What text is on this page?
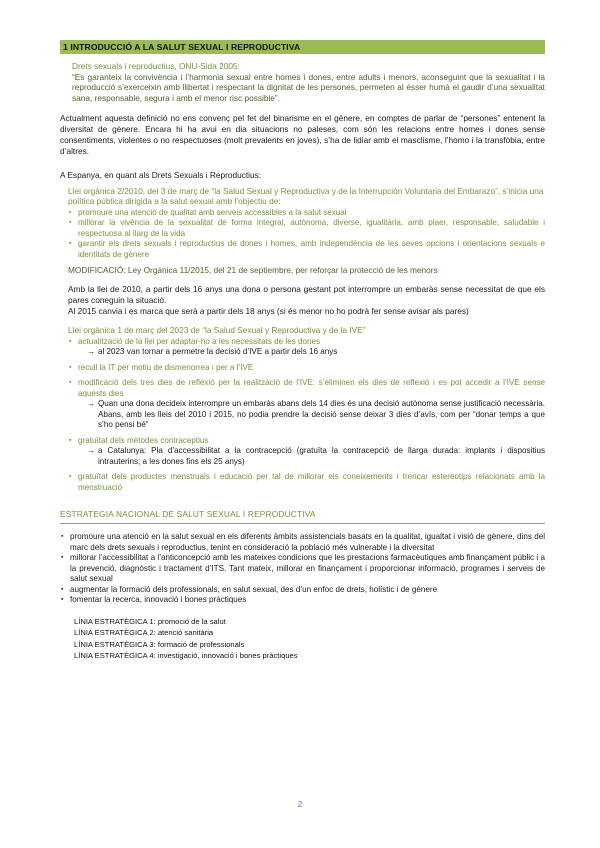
1 INTRODUCCIÓ A LA SALUT SEXUAL I REPRODUCTIVA
Drets sexuals i reproductius, ONU-Sida 2005:
“Es garanteix la convivència i l’harmonia sexual entre homes i dones, entre adults i menors, aconseguint que la sexualitat i la reproducció s’exerceixin amb llibertat i respectant la dignitat de les persones, permeten al ésser humà el gaudir d’una sexualitat sana, responsable, segura i amb el menor risc possible”.

Actualment aquesta definició no ens convenç pel fet del binarisme en el gènere, en comptes de parlar de “persones” entenent la diversitat de gènere. Encara hi ha avui en dia situacions no paleses, com són les relacions entre homes i dones sense consentiments, violentes o no respectuoses (molt prevalents en joves), s’ha de lidiar amb el masclisme, l’homo i la transfòbia, entre d’altres.

A Espanya, en quant als Drets Sexuals i Reproductius:

Llei orgànica 2/2010, del 3 de març de “la Salud Sexual y Reproductiva y de la Interrupción Voluntaria del Embarazo”, s’inicia una política pública dirigida a la salut sexual amb l’objectiu de:
▪ promoure una atenció de qualitat amb serveis accessibles a la salut sexual
▪ millorar la vivència de la sexualitat de forma integral, autònoma, diverse, igualitària, amb plaer, responsable, saludable i respectuosa al llarg de la vida
▪ garantir els drets sexuals i reproductius de dones i homes, amb independència de les seves opcions i orientacions sexuals e identitats de gènere
MODIFICACIÓ: Ley Orgánica 11/2015, del 21 de septiembre, per reforçar la protecció de les menors

Amb la llei de 2010, a partir dels 16 anys una dona o persona gestant pot interrompre un embaràs sense necessitat de que els pares coneguin la situació.

Al 2015 canvia i es marca que serà a partir dels 18 anys (si és menor no ho podrà fer sense avisar als pares)

Llei orgànica 1 de març del 2023 de “la Salud Sexual y Reproductiva y de la IVE”
▪ actualització de la llei per adaptar-ho a les necessitats de les dones
→ al 2023 van tornar a permetre la decisió d’IVE a partir dels 16 anys
▪ recull la IT per motiu de dismenorrea i per a l’IVE
▪ modificació dels tres dies de reflexió per la realització de l’IVE: s’eliminen els dies de reflexió i es pot accedir a l’IVE sense aquests dies
→ Quan una dona decideix interrompre un embaràs abans dels 14 dies és una decisió autònoma sense justificació necessària. Abans, amb les lleis del 2010 i 2015, no podia prendre la decisió sense deixar 3 dies d’avís, com per “donar temps a que s’ho pensi bé”
▪ gratuïtat dels mètodes contraceptius
→ a Catalunya: Pla d’accessibilitat a la contracepció (gratuïta la contracepció de llarga durada: implants i dispositius intrauterins; a les dones fins els 25 anys)
▪ gratuïtat dels productes menstruals i educació per tal de millorar els coneixements i trencar estereotips relacionats amb la menstruació
ESTRATEGIA NACIONAL DE SALUT SEXUAL I REPRODUCTIVA
▪ promoure una atenció en la salut sexual en els diferents àmbits assistencials basats en la qualitat, igualtat i visió de gènere, dins del marc dels drets sexuals i reproductius, tenint en consideració la població més vulnerable i la diversitat
▪ millorar l’accessibilitat a l’anticoncepció amb les mateixes condicions que les prestacions farmacèutiques amb finançament públic i a la prevenció, diagnòstic i tractament d’ITS. Tant mateix, millorar en finançament i proporcionar informació, programes i serveis de salut sexual
▪ augmentar la formació dels professionals, en salut sexual, des d’un enfoc de drets, holístic i de gènere
▪ fomentar la recerca, innovació i bones pràctiques
LÍNIA ESTRATÈGICA 1: promoció de la salut
LÍNIA ESTRATÈGICA 2: atenció sanitària
LÍNIA ESTRATÈGICA 3: formació de professionals
LÍNIA ESTRATÈGICA 4: investigació, innovació i bones pràctiques
2
